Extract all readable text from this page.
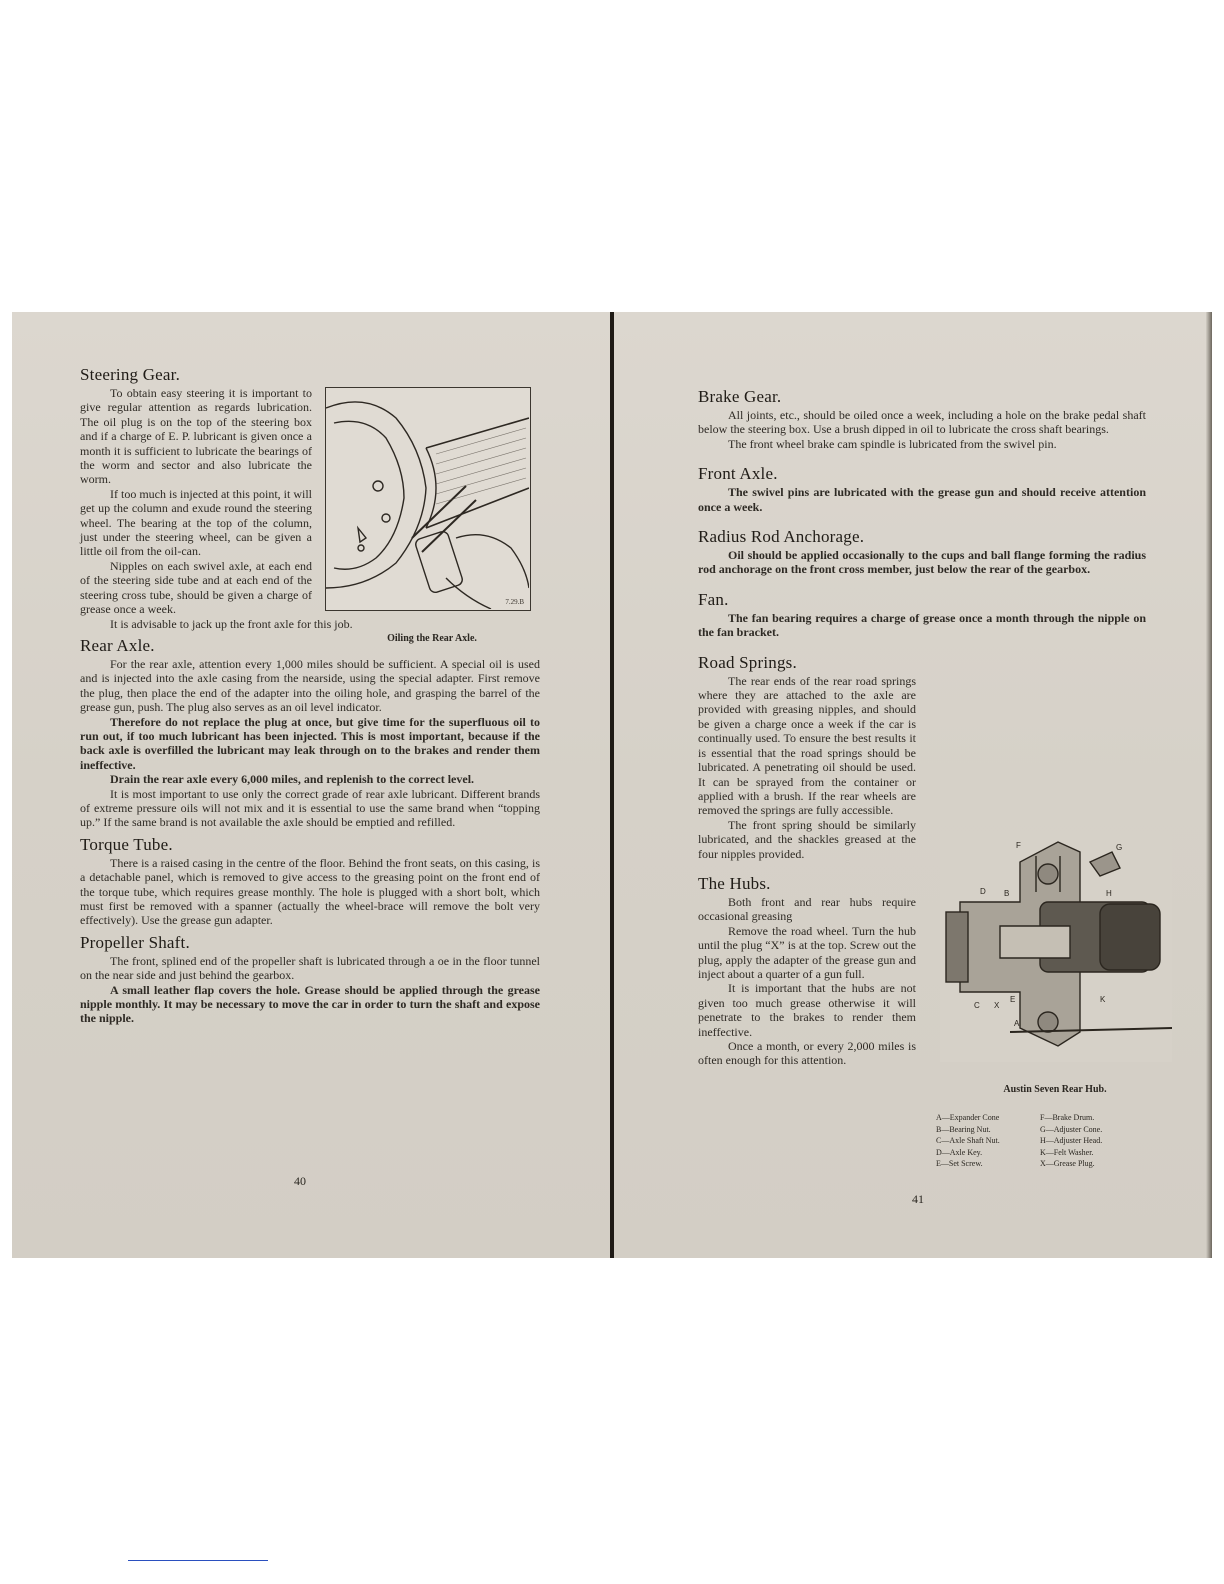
Steering Gear.

To obtain easy steering it is important to give regular attention as regards lubrication. The oil plug is on the top of the steering box and if a charge of E. P. lubricant is given once a month it is sufficient to lubricate the bearings of the worm and sector and also lubricate the worm.

If too much is injected at this point, it will get up the column and exude round the steering wheel. The bearing at the top of the column, just under the steering wheel, can be given a little oil from the oil-can.

Nipples on each swivel axle, at each end of the steering side tube and at each end of the steering cross tube, should be given a charge of grease once a week.

It is advisable to jack up the front axle for this job.

Rear Axle.

For the rear axle, attention every 1,000 miles should be sufficient. A special oil is used and is injected into the axle casing from the nearside, using the special adapter. First remove the plug, then place the end of the adapter into the oiling hole, and grasping the barrel of the grease gun, push. The plug also serves as an oil level indicator.

Therefore do not replace the plug at once, but give time for the superfluous oil to run out, if too much lubricant has been injected. This is most important, because if the back axle is overfilled the lubricant may leak through on to the brakes and render them ineffective.

Drain the rear axle every 6,000 miles, and replenish to the correct level.

It is most important to use only the correct grade of rear axle lubricant. Different brands of extreme pressure oils will not mix and it is essential to use the same brand when “topping up.” If the same brand is not available the axle should be emptied and refilled.

Torque Tube.

There is a raised casing in the centre of the floor. Behind the front seats, on this casing, is a detachable panel, which is removed to give access to the greasing point on the front end of the torque tube, which requires grease monthly. The hole is plugged with a short bolt, which must first be removed with a spanner (actually the wheel-brace will remove the bolt very effectively). Use the grease gun adapter.

Propeller Shaft.

The front, splined end of the propeller shaft is lubricated through a oe in the floor tunnel on the near side and just behind the gearbox.

A small leather flap covers the hole. Grease should be applied through the grease nipple monthly. It may be necessary to move the car in order to turn the shaft and expose the nipple.

7.29.B
Oiling the Rear Axle.
40
Brake Gear.

All joints, etc., should be oiled once a week, including a hole on the brake pedal shaft below the steering box. Use a brush dipped in oil to lubricate the cross shaft bearings.

The front wheel brake cam spindle is lubricated from the swivel pin.

Front Axle.

The swivel pins are lubricated with the grease gun and should receive attention once a week.

Radius Rod Anchorage.

Oil should be applied occasionally to the cups and ball flange forming the radius rod anchorage on the front cross member, just below the rear of the gearbox.

Fan.

The fan bearing requires a charge of grease once a month through the nipple on the fan bracket.

Road Springs.

The rear ends of the rear road springs where they are attached to the axle are provided with greasing nipples, and should be given a charge once a week if the car is continually used. To ensure the best results it is essential that the road springs should be lubricated. A penetrating oil should be used. It can be sprayed from the container or applied with a brush. If the rear wheels are removed the springs are fully accessible.

The front spring should be similarly lubricated, and the shackles greased at the four nipples provided.

The Hubs.

Both front and rear hubs require occasional greasing

Remove the road wheel. Turn the hub until the plug “X” is at the top. Screw out the plug, apply the adapter of the grease gun and inject about a quarter of a gun full.

It is important that the hubs are not given too much grease otherwise it will penetrate to the brakes to render them ineffective.

Once a month, or every 2,000 miles is often enough for this attention.

F	G
H
D B
C X
E	K
A
Austin Seven Rear Hub.
A—Expander Cone	F—Brake Drum.
B—Bearing Nut.	G—Adjuster Cone.
C—Axle Shaft Nut.	H—Adjuster Head.
D—Axle Key.	K—Felt Washer.
E—Set Screw.	X—Grease Plug.
41
